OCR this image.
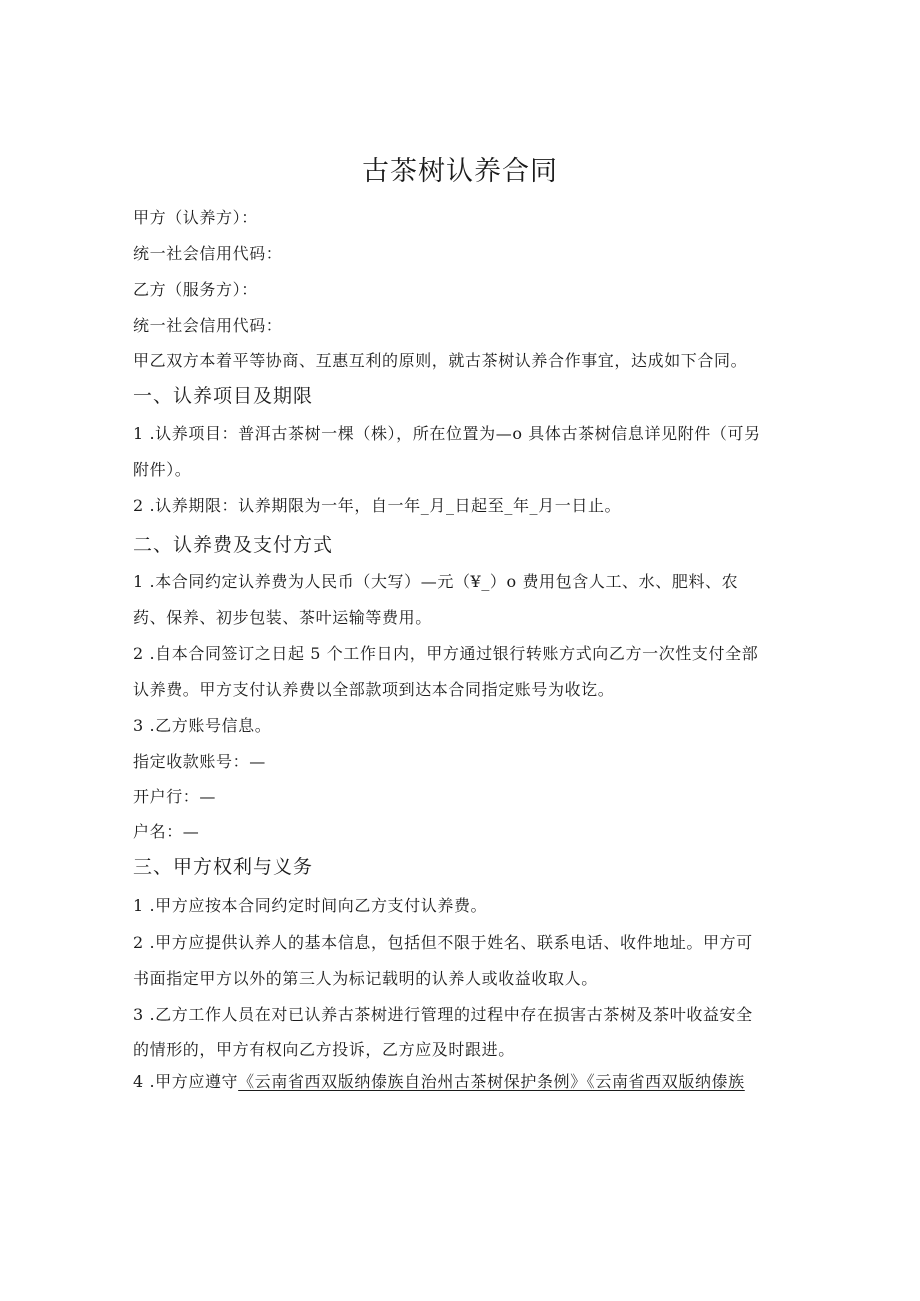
古茶树认养合同
甲方（认养方）：
统一社会信用代码：
乙方（服务方）：
统一社会信用代码：
甲乙双方本着平等协商、互惠互利的原则，就古茶树认养合作事宜，达成如下合同。
一、认养项目及期限
1 .认养项目：普洱古茶树一棵（株），所在位置为—o 具体古茶树信息详见附件（可另
附件）。
2 .认养期限：认养期限为一年，自一年_月_日起至_年_月一日止。
二、认养费及支付方式
1 .本合同约定认养费为人民币（大写）—元（¥_）o 费用包含人工、水、肥料、农
药、保养、初步包装、茶叶运输等费用。
2 .自本合同签订之日起 5 个工作日内，甲方通过银行转账方式向乙方一次性支付全部
认养费。甲方支付认养费以全部款项到达本合同指定账号为收讫。
3 .乙方账号信息。
指定收款账号：—
开户行：—
户名：—
三、甲方权利与义务
1 .甲方应按本合同约定时间向乙方支付认养费。
2 .甲方应提供认养人的基本信息，包括但不限于姓名、联系电话、收件地址。甲方可
书面指定甲方以外的第三人为标记载明的认养人或收益收取人。
3 .乙方工作人员在对已认养古茶树进行管理的过程中存在损害古茶树及茶叶收益安全
的情形的，甲方有权向乙方投诉，乙方应及时跟进。
4 .甲方应遵守《云南省西双版纳傣族自治州古茶树保护条例》《云南省西双版纳傣族
